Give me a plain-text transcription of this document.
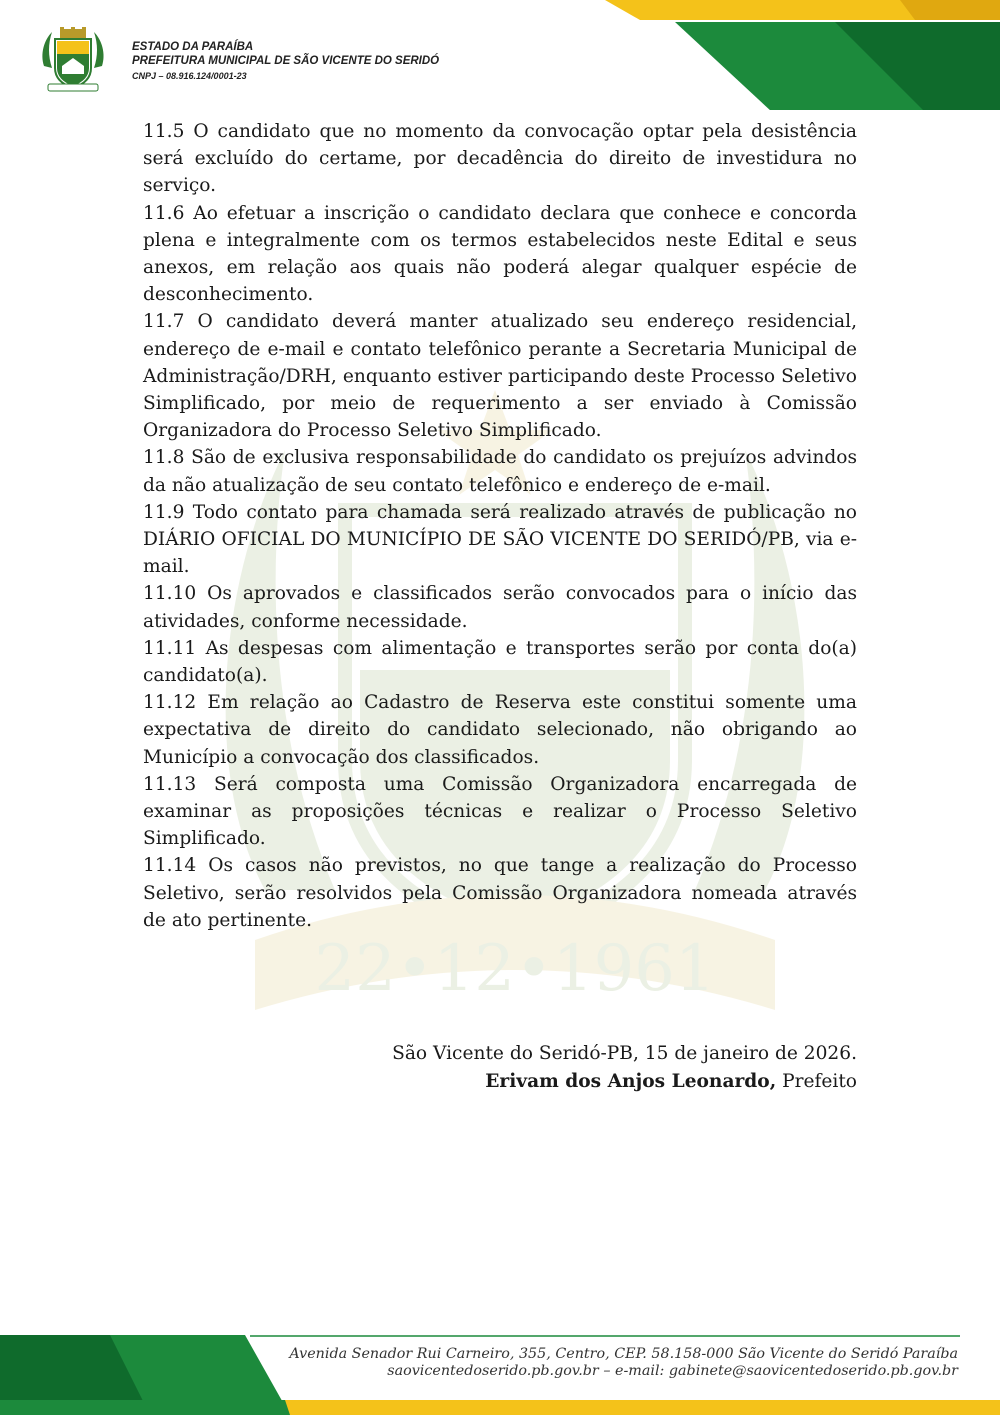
ESTADO DA PARAÍBA
PREFEITURA MUNICIPAL DE SÃO VICENTE DO SERIDÓ
CNPJ – 08.916.124/0001-23
22•12•1961

11.5 O candidato que no momento da convocação optar pela desistência será excluído do certame, por decadência do direito de investidura no serviço.

11.6 Ao efetuar a inscrição o candidato declara que conhece e concorda plena e integralmente com os termos estabelecidos neste Edital e seus anexos, em relação aos quais não poderá alegar qualquer espécie de desconhecimento.

11.7 O candidato deverá manter atualizado seu endereço residencial, endereço de e-mail e contato telefônico perante a Secretaria Municipal de Administração/DRH, enquanto estiver participando deste Processo Seletivo Simplificado, por meio de requerimento a ser enviado à Comissão Organizadora do Processo Seletivo Simplificado.

11.8 São de exclusiva responsabilidade do candidato os prejuízos advindos da não atualização de seu contato telefônico e endereço de e-mail.

11.9 Todo contato para chamada será realizado através de publicação no DIÁRIO OFICIAL DO MUNICÍPIO DE SÃO VICENTE DO SERIDÓ/PB, via e-mail.

11.10 Os aprovados e classificados serão convocados para o início das atividades, conforme necessidade.

11.11 As despesas com alimentação e transportes serão por conta do(a) candidato(a).

11.12 Em relação ao Cadastro de Reserva este constitui somente uma expectativa de direito do candidato selecionado, não obrigando ao Município a convocação dos classificados.

11.13 Será composta uma Comissão Organizadora encarregada de examinar as proposições técnicas e realizar o Processo Seletivo Simplificado.

11.14 Os casos não previstos, no que tange a realização do Processo Seletivo, serão resolvidos pela Comissão Organizadora nomeada através de ato pertinente.

São Vicente do Seridó-PB, 15 de janeiro de 2026.
Erivam dos Anjos Leonardo, Prefeito
Avenida Senador Rui Carneiro, 355, Centro, CEP. 58.158-000 São Vicente do Seridó Paraíba
saovicentedoserido.pb.gov.br – e-mail: gabinete@saovicentedoserido.pb.gov.br
